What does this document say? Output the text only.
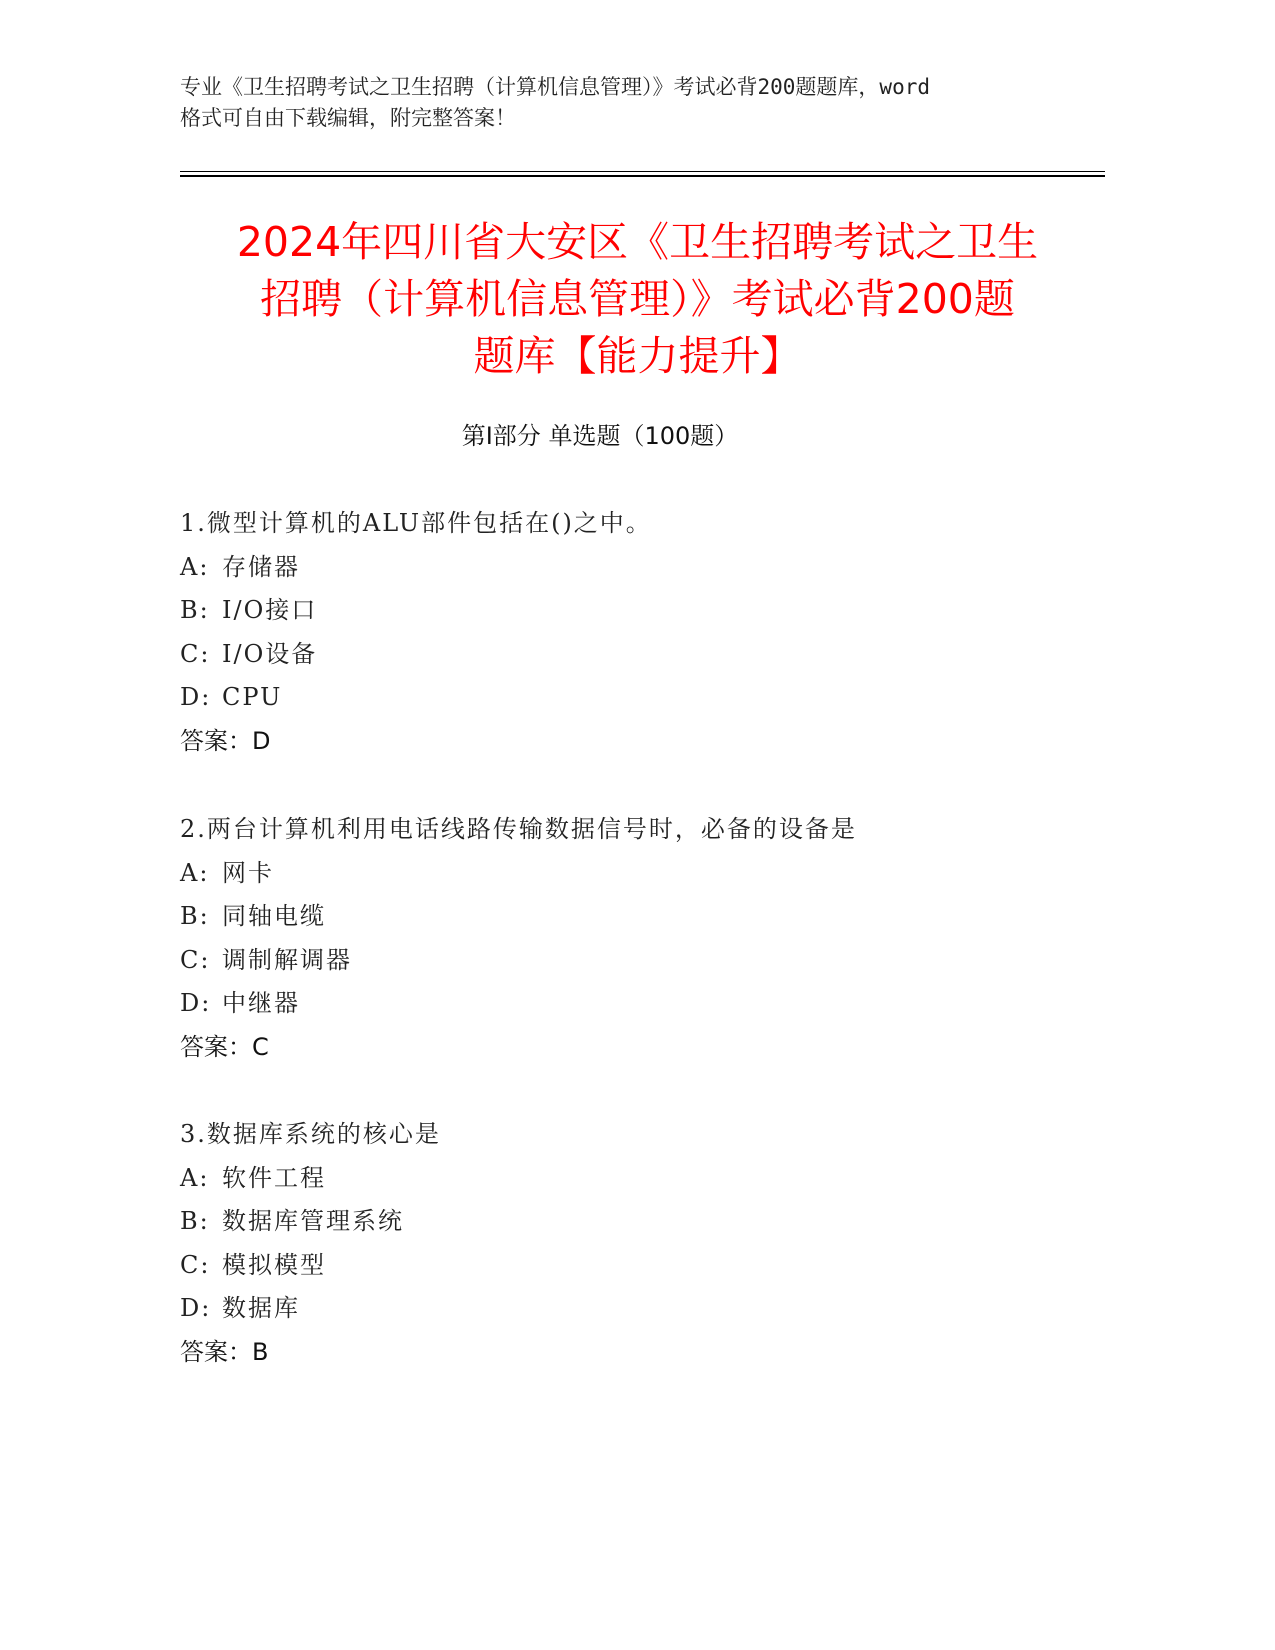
专业《卫生招聘考试之卫生招聘（计算机信息管理）》考试必背200题题库，word
格式可自由下载编辑，附完整答案！
2024年四川省大安区《卫生招聘考试之卫生
招聘（计算机信息管理）》考试必背200题
题库【能力提升】
第Ⅰ部分 单选题（100题）
1.微型计算机的ALU部件包括在()之中。
A: 存储器
B: I/O接口
C: I/O设备
D: CPU
答案：D
2.两台计算机利用电话线路传输数据信号时，必备的设备是
A: 网卡
B: 同轴电缆
C: 调制解调器
D: 中继器
答案：C
3.数据库系统的核心是
A: 软件工程
B: 数据库管理系统
C: 模拟模型
D: 数据库
答案：B
